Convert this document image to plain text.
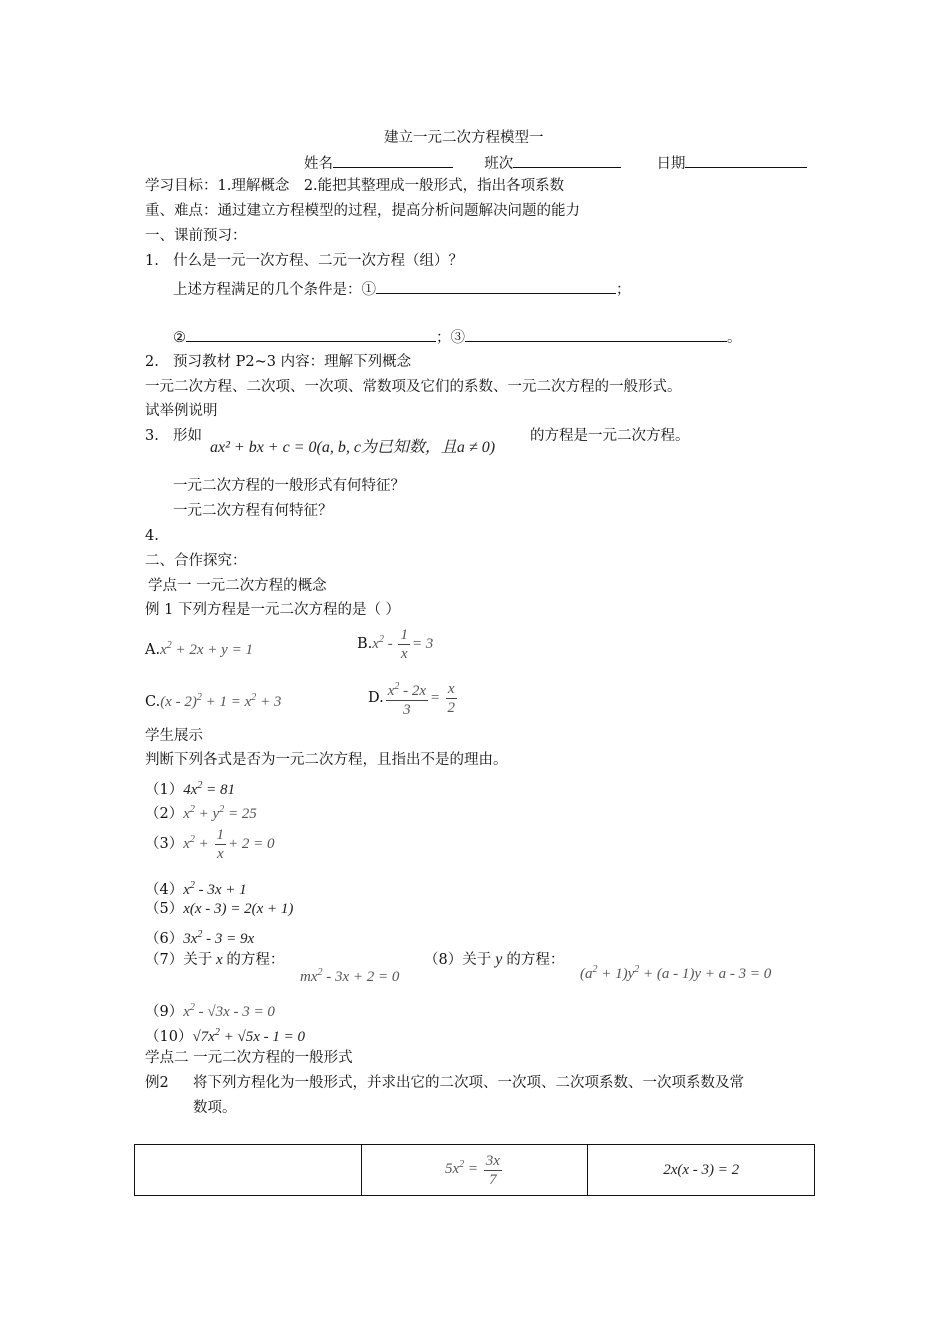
建立一元二次方程模型一
姓名	班次	日期
学习目标：1.理解概念　2.能把其整理成一般形式，指出各项系数
重、难点：通过建立方程模型的过程，提高分析问题解决问题的能力
一、课前预习：
1. 什么是一元一次方程、二元一次方程（组）？
上述方程满足的几个条件是：①	；
②	；③	。
2. 预习教材 P2~3 内容：理解下列概念
一元二次方程、二次项、一次项、常数项及它们的系数、一元二次方程的一般形式。
试举例说明
3. 形如
ax² + bx + c = 0(a, b, c为已知数，且a ≠ 0)
的方程是一元二次方程。
一元二次方程的一般形式有何特征？
一元二次方程有何特征？
4.
二、合作探究：
学点一 一元二次方程的概念
例 1 下列方程是一元二次方程的是（ ）
$A.x^2 + 2x + y = 1$	$B.x^2 - \frac{1}{x} = 3$
$C.(x - 2)^2 + 1 = x^2 + 3$	D. $\frac{x^2 - 2x}{3} = \frac{x}{2}$
学生展示
判断下列各式是否为一元二次方程，且指出不是的理由。
$(1)4x^2 = 81$
$(2)x^2 + y^2 = 25$
$(3)x^2 + \frac{1}{x} + 2 = 0$
$(4)x^2 - 3x + 1$
（5）x(x - 3) = 2(x + 1)
$(6)3x^2 - 3 = 9x$
（7）关于 x 的方程：
$mx^2 - 3x + 2 = 0$
（8）关于 y 的方程：
$(a^2 + 1)y^2 + (a - 1)y + a - 3 = 0$
$(9)x^2 - √3x - 3 = 0$
$(10)√7x^2 + √5x - 1 = 0$
学点二 一元二次方程的一般形式
例2 将下列方程化为一般形式，并求出它的二次项、一次项、二次项系数、一次项系数及常
数项。
	$5x^2 = \frac{3x}{7}$	2x(x - 3) = 2
